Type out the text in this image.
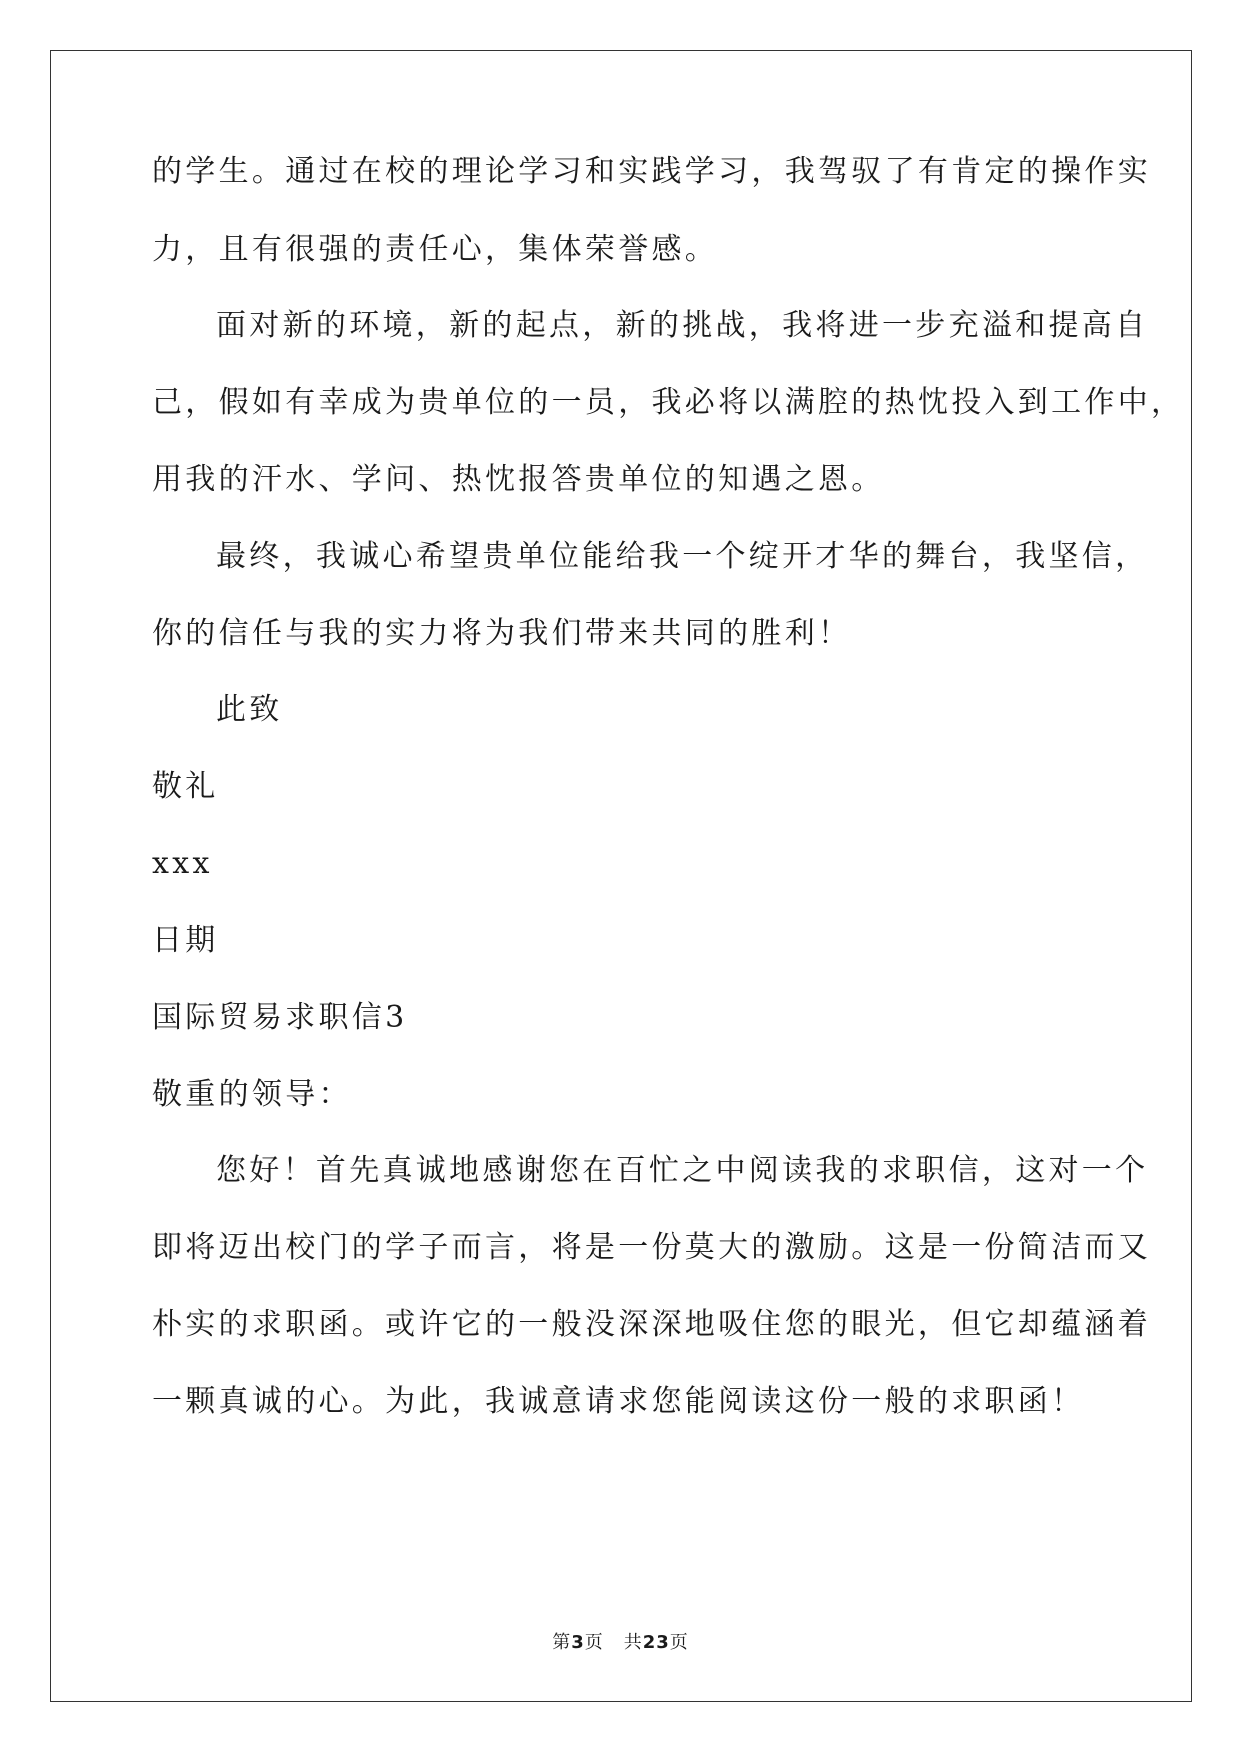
的学生。通过在校的理论学习和实践学习，我驾驭了有肯定的操作实
力，且有很强的责任心，集体荣誉感。
面对新的环境，新的起点，新的挑战，我将进一步充溢和提高自
己，假如有幸成为贵单位的一员，我必将以满腔的热忱投入到工作中，
用我的汗水、学问、热忱报答贵单位的知遇之恩。
最终，我诚心希望贵单位能给我一个绽开才华的舞台，我坚信，
你的信任与我的实力将为我们带来共同的胜利！
此致
敬礼
xxx
日期
国际贸易求职信3
敬重的领导：
您好！首先真诚地感谢您在百忙之中阅读我的求职信，这对一个
即将迈出校门的学子而言，将是一份莫大的激励。这是一份简洁而又
朴实的求职函。或许它的一般没深深地吸住您的眼光，但它却蕴涵着
一颗真诚的心。为此，我诚意请求您能阅读这份一般的求职函！
第3页 共23页
